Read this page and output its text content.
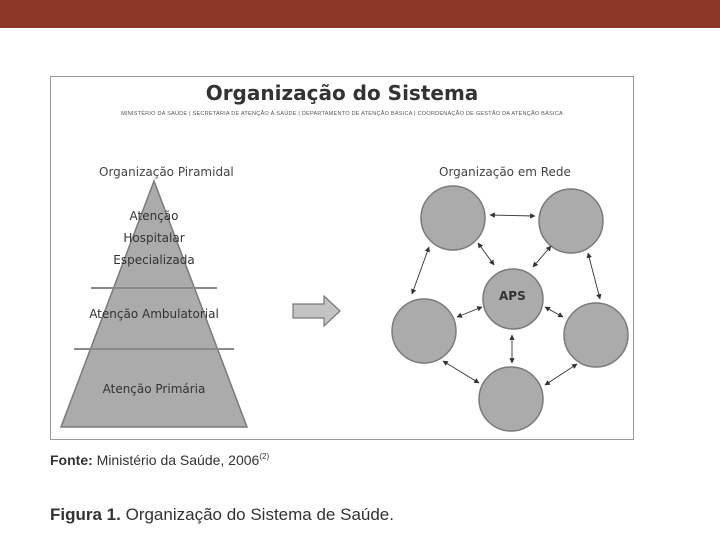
Organização do Sistema
MINISTÉRIO DA SAÚDE | SECRETARIA DE ATENÇÃO À SAÚDE | DEPARTAMENTO DE ATENÇÃO BÁSICA | COORDENAÇÃO DE GESTÃO DA ATENÇÃO BÁSICA
Organização Piramidal	Organização em Rede
Atenção
Hospitalar
Especializada
Atenção Ambulatorial
Atenção Primária
APS
Fonte: Ministério da Saúde, 2006$^{(2)}$
Figura 1. Organização do Sistema de Saúde.
